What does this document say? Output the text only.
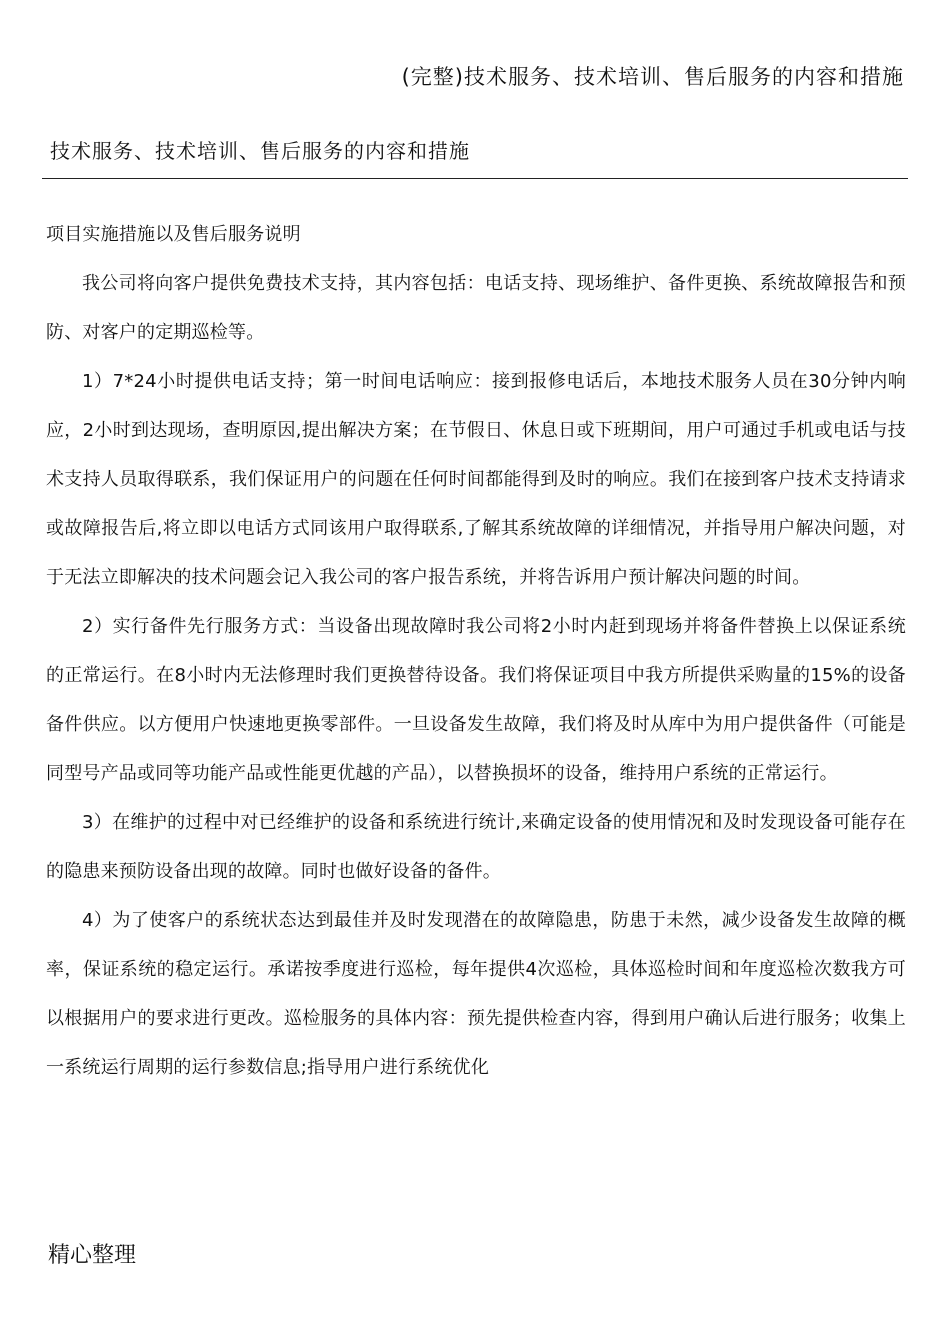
(完整)技术服务、技术培训、售后服务的内容和措施
技术服务、技术培训、售后服务的内容和措施

项目实施措施以及售后服务说明

我公司将向客户提供免费技术支持，其内容包括：电话支持、现场维护、备件更换、系统故障报告和预防、对客户的定期巡检等。

1）7*24小时提供电话支持；第一时间电话响应：接到报修电话后，本地技术服务人员在30分钟内响应，2小时到达现场，查明原因,提出解决方案；在节假日、休息日或下班期间，用户可通过手机或电话与技术支持人员取得联系，我们保证用户的问题在任何时间都能得到及时的响应。我们在接到客户技术支持请求或故障报告后,将立即以电话方式同该用户取得联系,了解其系统故障的详细情况，并指导用户解决问题，对于无法立即解决的技术问题会记入我公司的客户报告系统，并将告诉用户预计解决问题的时间。

2）实行备件先行服务方式：当设备出现故障时我公司将2小时内赶到现场并将备件替换上以保证系统的正常运行。在8小时内无法修理时我们更换替待设备。我们将保证项目中我方所提供采购量的15%的设备备件供应。以方便用户快速地更换零部件。一旦设备发生故障，我们将及时从库中为用户提供备件（可能是同型号产品或同等功能产品或性能更优越的产品），以替换损坏的设备，维持用户系统的正常运行。

3）在维护的过程中对已经维护的设备和系统进行统计,来确定设备的使用情况和及时发现设备可能存在的隐患来预防设备出现的故障。同时也做好设备的备件。

4）为了使客户的系统状态达到最佳并及时发现潜在的故障隐患，防患于未然，减少设备发生故障的概率，保证系统的稳定运行。承诺按季度进行巡检，每年提供4次巡检，具体巡检时间和年度巡检次数我方可以根据用户的要求进行更改。巡检服务的具体内容：预先提供检查内容，得到用户确认后进行服务；收集上一系统运行周期的运行参数信息;指导用户进行系统优化

精心整理
